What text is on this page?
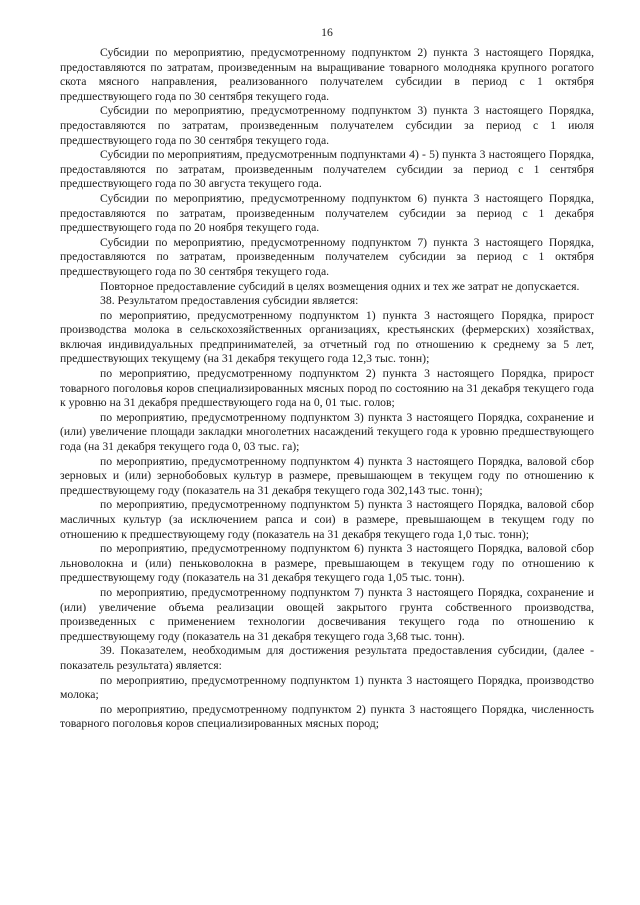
16

Субсидии по мероприятию, предусмотренному подпунктом 2) пункта 3 настоящего Порядка, предоставляются по затратам, произведенным на выращивание товарного молодняка крупного рогатого скота мясного направления, реализованного получателем субсидии в период с 1 октября предшествующего года по 30 сентября текущего года.

Субсидии по мероприятию, предусмотренному подпунктом 3) пункта 3 настоящего Порядка, предоставляются по затратам, произведенным получателем субсидии за период с 1 июля предшествующего года по 30 сентября текущего года.

Субсидии по мероприятиям, предусмотренным подпунктами 4) - 5) пункта 3 настоящего Порядка, предоставляются по затратам, произведенным получателем субсидии за период с 1 сентября предшествующего года по 30 августа текущего года.

Субсидии по мероприятию, предусмотренному подпунктом 6) пункта 3 настоящего Порядка, предоставляются по затратам, произведенным получателем субсидии за период с 1 декабря предшествующего года по 20 ноября текущего года.

Субсидии по мероприятию, предусмотренному подпунктом 7) пункта 3 настоящего Порядка, предоставляются по затратам, произведенным получателем субсидии за период с 1 октября предшествующего года по 30 сентября текущего года.

Повторное предоставление субсидий в целях возмещения одних и тех же затрат не допускается.

38. Результатом предоставления субсидии является:

по мероприятию, предусмотренному подпунктом 1) пункта 3 настоящего Порядка, прирост производства молока в сельскохозяйственных организациях, крестьянских (фермерских) хозяйствах, включая индивидуальных предпринимателей, за отчетный год по отношению к среднему за 5 лет, предшествующих текущему (на 31 декабря текущего года 12,3 тыс. тонн);

по мероприятию, предусмотренному подпунктом 2) пункта 3 настоящего Порядка, прирост товарного поголовья коров специализированных мясных пород по состоянию на 31 декабря текущего года к уровню на 31 декабря предшествующего года на 0, 01 тыс. голов;

по мероприятию, предусмотренному подпунктом 3) пункта 3 настоящего Порядка, сохранение и (или) увеличение площади закладки многолетних насаждений текущего года к уровню предшествующего года (на 31 декабря текущего года 0, 03 тыс. га);

по мероприятию, предусмотренному подпунктом 4) пункта 3 настоящего Порядка, валовой сбор зерновых и (или) зернобобовых культур в размере, превышающем в текущем году по отношению к предшествующему году (показатель на 31 декабря текущего года 302,143 тыс. тонн);

по мероприятию, предусмотренному подпунктом 5) пункта 3 настоящего Порядка, валовой сбор масличных культур (за исключением рапса и сои) в размере, превышающем в текущем году по отношению к предшествующему году (показатель на 31 декабря текущего года 1,0 тыс. тонн);

по мероприятию, предусмотренному подпунктом 6) пункта 3 настоящего Порядка, валовой сбор льноволокна и (или) пеньковолокна в размере, превышающем в текущем году по отношению к предшествующему году (показатель на 31 декабря текущего года 1,05 тыс. тонн).

по мероприятию, предусмотренному подпунктом 7) пункта 3 настоящего Порядка, сохранение и (или) увеличение объема реализации овощей закрытого грунта собственного производства, произведенных с применением технологии досвечивания текущего года по отношению к предшествующему году (показатель на 31 декабря текущего года 3,68 тыс. тонн).

39. Показателем, необходимым для достижения результата предоставления субсидии, (далее - показатель результата) является:

по мероприятию, предусмотренному подпунктом 1) пункта 3 настоящего Порядка, производство молока;

по мероприятию, предусмотренному подпунктом 2) пункта 3 настоящего Порядка, численность товарного поголовья коров специализированных мясных пород;
